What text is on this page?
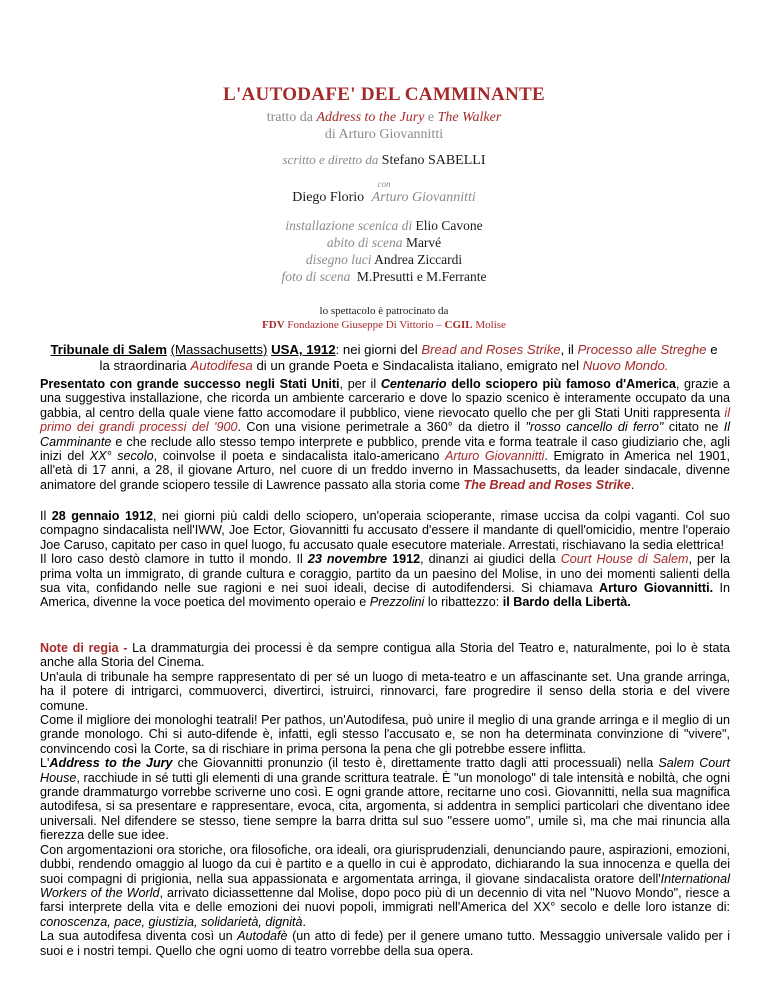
L'AUTODAFE' DEL CAMMINANTE
tratto da Address to the Jury e The Walker
di Arturo Giovannitti
scritto e diretto da Stefano SABELLI
con
Diego Florio Arturo Giovannitti
installazione scenica di Elio Cavone
abito di scena Marvé
disegno luci Andrea Ziccardi
foto di scena M.Presutti e M.Ferrante
lo spettacolo è patrocinato da
FDV Fondazione Giuseppe Di Vittorio – CGIL Molise
Tribunale di Salem (Massachusetts) USA, 1912: nei giorni del Bread and Roses Strike, il Processo alle Streghe e
la straordinaria Autodifesa di un grande Poeta e Sindacalista italiano, emigrato nel Nuovo Mondo.

Presentato con grande successo negli Stati Uniti, per il Centenario dello sciopero più famoso d'America, grazie a una suggestiva installazione, che ricorda un ambiente carcerario e dove lo spazio scenico è interamente occupato da una gabbia, al centro della quale viene fatto accomodare il pubblico, viene rievocato quello che per gli Stati Uniti rappresenta il primo dei grandi processi del '900. Con una visione perimetrale a 360° da dietro il "rosso cancello di ferro" citato ne Il Camminante e che reclude allo stesso tempo interprete e pubblico, prende vita e forma teatrale il caso giudiziario che, agli inizi del XX° secolo, coinvolse il poeta e sindacalista italo-americano Arturo Giovannitti. Emigrato in America nel 1901, all'età di 17 anni, a 28, il giovane Arturo, nel cuore di un freddo inverno in Massachusetts, da leader sindacale, divenne animatore del grande sciopero tessile di Lawrence passato alla storia come The Bread and Roses Strike.

Il 28 gennaio 1912, nei giorni più caldi dello sciopero, un'operaia scioperante, rimase uccisa da colpi vaganti. Col suo compagno sindacalista nell'IWW, Joe Ector, Giovannitti fu accusato d'essere il mandante di quell'omicidio, mentre l'operaio Joe Caruso, capitato per caso in quel luogo, fu accusato quale esecutore materiale. Arrestati, rischiavano la sedia elettrica!

Il loro caso destò clamore in tutto il mondo. Il 23 novembre 1912, dinanzi ai giudici della Court House di Salem, per la prima volta un immigrato, di grande cultura e coraggio, partito da un paesino del Molise, in uno dei momenti salienti della sua vita, confidando nelle sue ragioni e nei suoi ideali, decise di autodifendersi. Si chiamava Arturo Giovannitti. In America, divenne la voce poetica del movimento operaio e Prezzolini lo ribattezzo: il Bardo della Libertà.

Note di regia - La drammaturgia dei processi è da sempre contigua alla Storia del Teatro e, naturalmente, poi lo è stata anche alla Storia del Cinema.

Un'aula di tribunale ha sempre rappresentato di per sé un luogo di meta-teatro e un affascinante set. Una grande arringa, ha il potere di intrigarci, commuoverci, divertirci, istruirci, rinnovarci, fare progredire il senso della storia e del vivere comune.

Come il migliore dei monologhi teatrali! Per pathos, un'Autodifesa, può unire il meglio di una grande arringa e il meglio di un grande monologo. Chi si auto-difende è, infatti, egli stesso l'accusato e, se non ha determinata convinzione di "vivere", convincendo così la Corte, sa di rischiare in prima persona la pena che gli potrebbe essere inflitta.

L'Address to the Jury che Giovannitti pronunzio (il testo è, direttamente tratto dagli atti processuali) nella Salem Court House, racchiude in sé tutti gli elementi di una grande scrittura teatrale. È "un monologo" di tale intensità e nobiltà, che ogni grande drammaturgo vorrebbe scriverne uno così. E ogni grande attore, recitarne uno così. Giovannitti, nella sua magnifica autodifesa, si sa presentare e rappresentare, evoca, cita, argomenta, si addentra in semplici particolari che diventano idee universali. Nel difendere se stesso, tiene sempre la barra dritta sul suo "essere uomo", umile sì, ma che mai rinuncia alla fierezza delle sue idee.

Con argomentazioni ora storiche, ora filosofiche, ora ideali, ora giurisprudenziali, denunciando paure, aspirazioni, emozioni, dubbi, rendendo omaggio al luogo da cui è partito e a quello in cui è approdato, dichiarando la sua innocenza e quella dei suoi compagni di prigionia, nella sua appassionata e argomentata arringa, il giovane sindacalista oratore dell'International Workers of the World, arrivato diciassettenne dal Molise, dopo poco più di un decennio di vita nel "Nuovo Mondo", riesce a farsi interprete della vita e delle emozioni dei nuovi popoli, immigrati nell'America del XX° secolo e delle loro istanze di: conoscenza, pace, giustizia, solidarietà, dignità.

La sua autodifesa diventa così un Autodafè (un atto di fede) per il genere umano tutto. Messaggio universale valido per i suoi e i nostri tempi. Quello che ogni uomo di teatro vorrebbe della sua opera.
